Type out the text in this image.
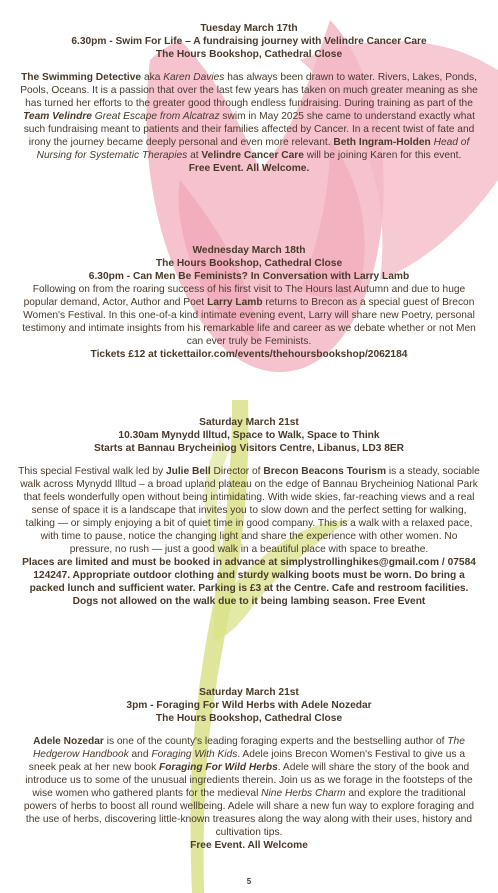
Tuesday March 17th
6.30pm - Swim For Life – A fundraising journey with Velindre Cancer Care
The Hours Bookshop, Cathedral Close
The Swimming Detective aka Karen Davies has always been drawn to water. Rivers, Lakes, Ponds, Pools, Oceans. It is a passion that over the last few years has taken on much greater meaning as she has turned her efforts to the greater good through endless fundraising. During training as part of the Team Velindre Great Escape from Alcatraz swim in May 2025 she came to understand exactly what such fundraising meant to patients and their families affected by Cancer. In a recent twist of fate and irony the journey became deeply personal and even more relevant. Beth Ingram-Holden Head of Nursing for Systematic Therapies at Velindre Cancer Care will be joining Karen for this event.
Free Event. All Welcome.
Wednesday March 18th
The Hours Bookshop, Cathedral Close
6.30pm - Can Men Be Feminists? In Conversation with Larry Lamb
Following on from the roaring success of his first visit to The Hours last Autumn and due to huge popular demand, Actor, Author and Poet Larry Lamb returns to Brecon as a special guest of Brecon Women's Festival. In this one-of-a kind intimate evening event, Larry will share new Poetry, personal testimony and intimate insights from his remarkable life and career as we debate whether or not Men can ever truly be Feminists.
Tickets £12 at tickettailor.com/events/thehoursbookshop/2062184
Saturday March 21st
10.30am Mynydd Illtud, Space to Walk, Space to Think
Starts at Bannau Brycheiniog Visitors Centre, Libanus, LD3 8ER
This special Festival walk led by Julie Bell Director of Brecon Beacons Tourism is a steady, sociable walk across Mynydd Illtud – a broad upland plateau on the edge of Bannau Brycheiniog National Park that feels wonderfully open without being intimidating. With wide skies, far-reaching views and a real sense of space it is a landscape that invites you to slow down and the perfect setting for walking, talking — or simply enjoying a bit of quiet time in good company. This is a walk with a relaxed pace, with time to pause, notice the changing light and share the experience with other women. No pressure, no rush — just a good walk in a beautiful place with space to breathe.
Places are limited and must be booked in advance at simplystrollinghikes@gmail.com / 07584 124247. Appropriate outdoor clothing and sturdy walking boots must be worn. Do bring a packed lunch and sufficient water. Parking is £3 at the Centre. Cafe and restroom facilities. Dogs not allowed on the walk due to it being lambing season. Free Event
Saturday March 21st
3pm - Foraging For Wild Herbs with Adele Nozedar
The Hours Bookshop, Cathedral Close
Adele Nozedar is one of the county's leading foraging experts and the bestselling author of The Hedgerow Handbook and Foraging With Kids. Adele joins Brecon Women's Festival to give us a sneek peak at her new book Foraging For Wild Herbs. Adele will share the story of the book and introduce us to some of the unusual ingredients therein. Join us as we forage in the footsteps of the wise women who gathered plants for the medieval Nine Herbs Charm and explore the traditional powers of herbs to boost all round wellbeing. Adele will share a new fun way to explore foraging and the use of herbs, discovering little-known treasures along the way along with their uses, history and cultivation tips.
Free Event. All Welcome
5
